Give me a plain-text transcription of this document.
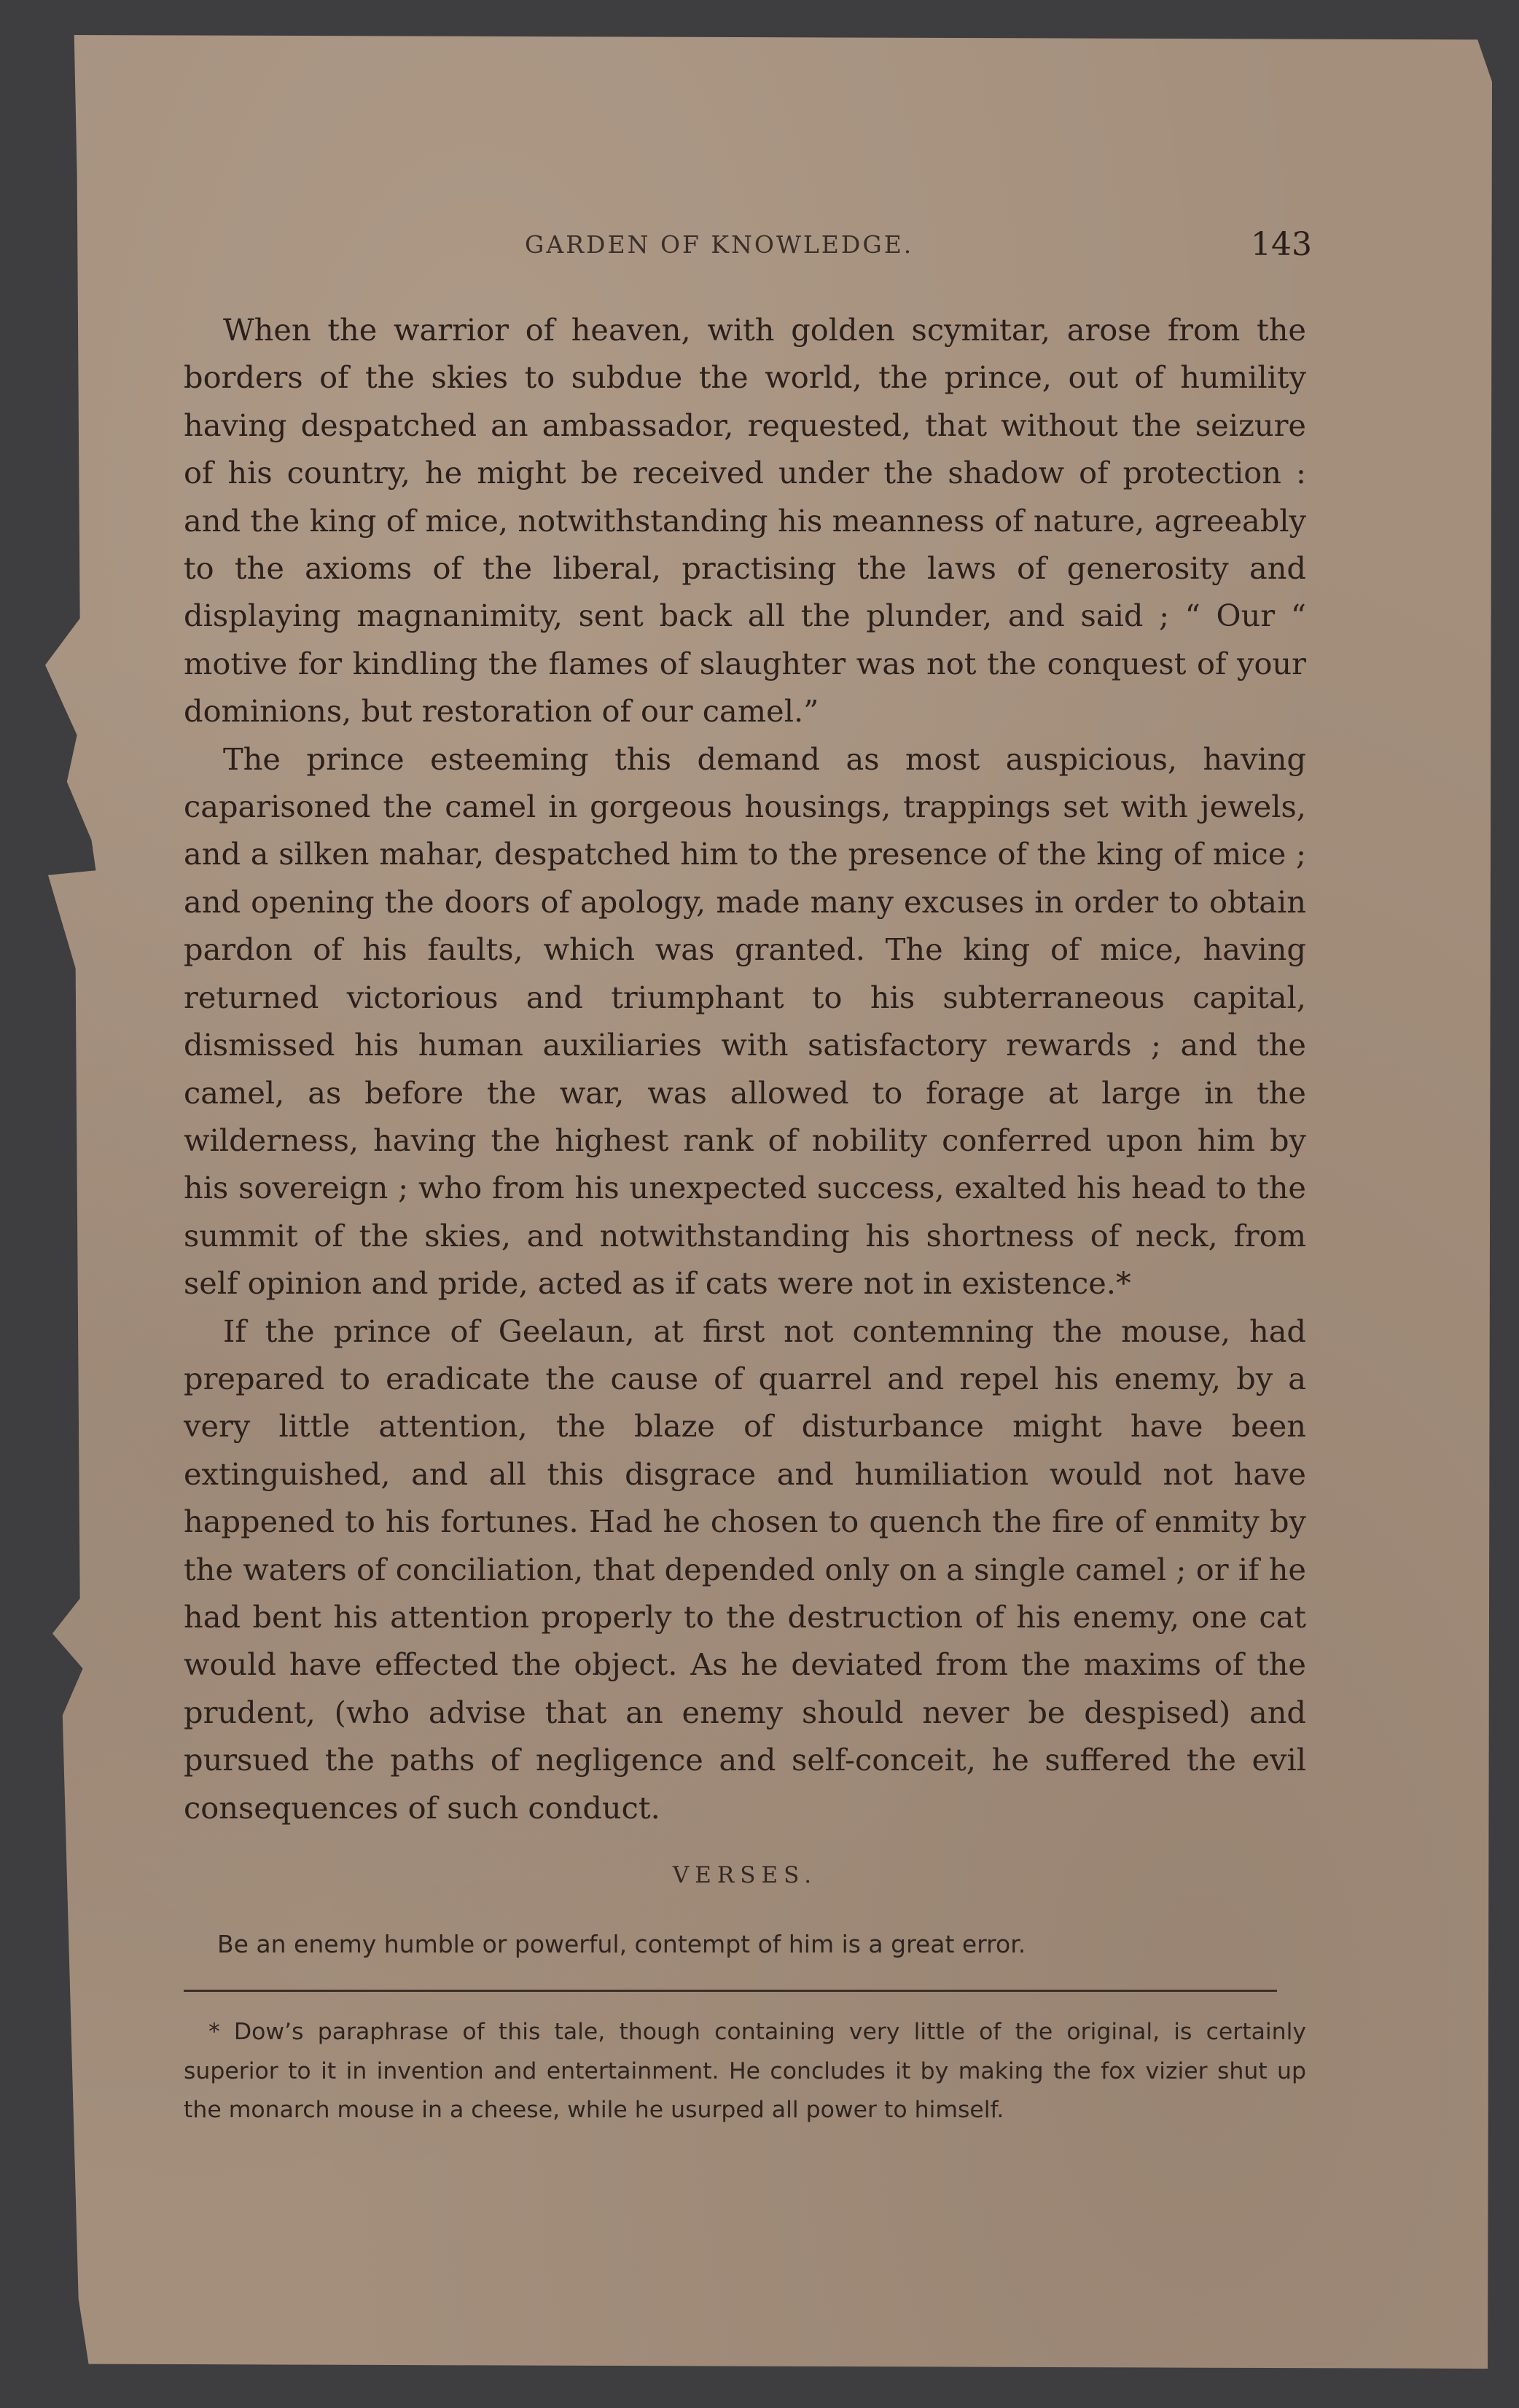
GARDEN OF KNOWLEDGE.	143

When the warrior of heaven, with golden scymitar, arose from the borders of the skies to subdue the world, the prince, out of humility having despatched an ambassador, requested, that without the seizure of his country, he might be received under the shadow of protection : and the king of mice, notwithstanding his meanness of nature, agreeably to the axioms of the liberal, practising the laws of generosity and displaying magnanimity, sent back all the plunder, and said ; “ Our “ motive for kindling the flames of slaughter was not the conquest of your dominions, but restoration of our camel.”

The prince esteeming this demand as most auspicious, having caparisoned the camel in gorgeous housings, trappings set with jewels, and a silken mahar, despatched him to the presence of the king of mice ; and opening the doors of apology, made many excuses in order to obtain pardon of his faults, which was granted. The king of mice, having returned victorious and triumphant to his subterraneous capital, dismissed his human auxiliaries with satisfactory rewards ; and the camel, as before the war, was allowed to forage at large in the wilderness, having the highest rank of nobility conferred upon him by his sovereign ; who from his unexpected success, exalted his head to the summit of the skies, and notwithstanding his shortness of neck, from self opinion and pride, acted as if cats were not in existence.*

If the prince of Geelaun, at first not contemning the mouse, had prepared to eradicate the cause of quarrel and repel his enemy, by a very little attention, the blaze of disturbance might have been extinguished, and all this disgrace and humiliation would not have happened to his fortunes. Had he chosen to quench the fire of enmity by the waters of conciliation, that depended only on a single camel ; or if he had bent his attention properly to the destruction of his enemy, one cat would have effected the object. As he deviated from the maxims of the prudent, (who advise that an enemy should never be despised) and pursued the paths of negligence and self-conceit, he suffered the evil consequences of such conduct.

VERSES.
Be an enemy humble or powerful, contempt of him is a great error.

* Dow’s paraphrase of this tale, though containing very little of the original, is certainly superior to it in invention and entertainment. He concludes it by making the fox vizier shut up the monarch mouse in a cheese, while he usurped all power to himself.
